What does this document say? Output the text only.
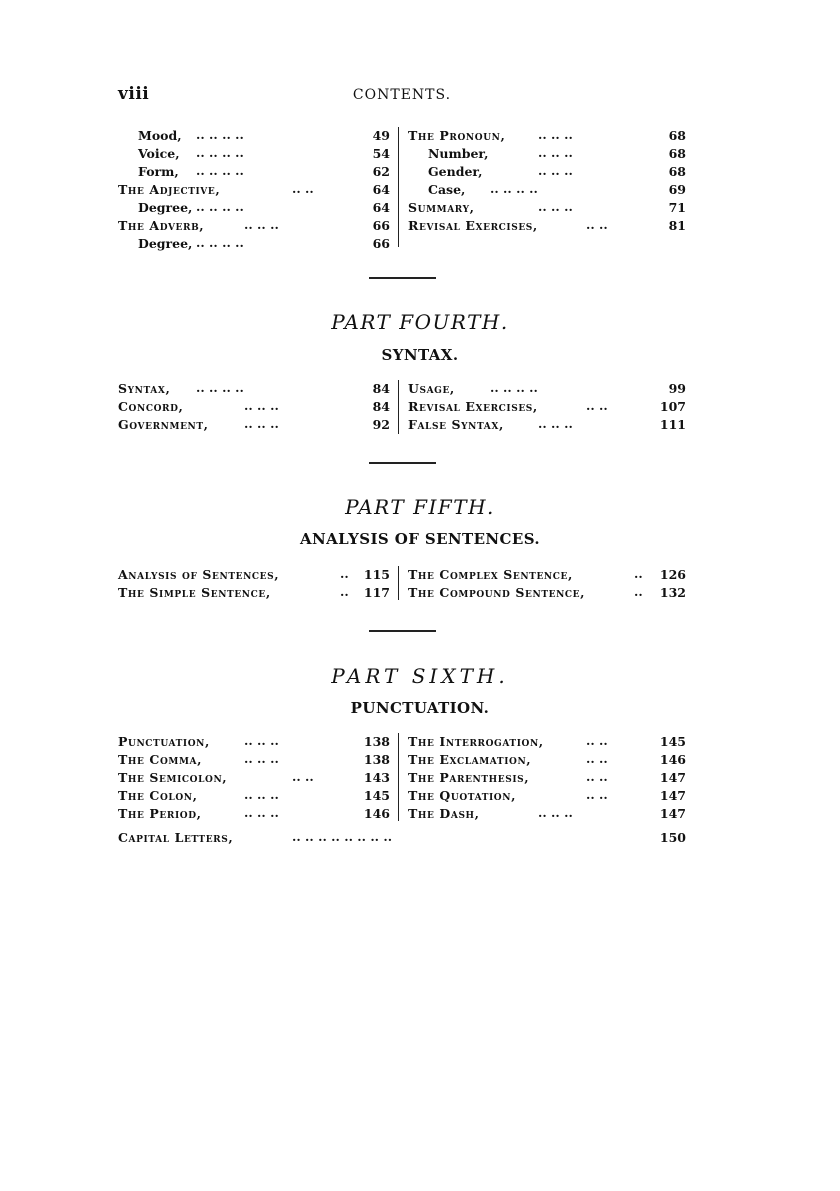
viii	CONTENTS.
Mood, .. .. .. ..	49
Voice, .. .. .. ..	54
Form, .. .. .. ..	62
The Adjective,	.. ..	64
Degree, .. .. .. ..	64
The Adverb,	.. .. ..	66
Degree, .. .. .. ..	66
The Pronoun,	.. .. ..	68
Number,	.. .. ..	68
Gender,	.. .. ..	68
Case, .. .. .. ..	69
Summary,	.. .. ..	71
Revisal Exercises,	.. ..	81
PART FOURTH.
SYNTAX.
Syntax, .. .. .. ..	84
Concord,	.. .. ..	84
Government,	.. .. ..	92
Usage,	.. .. .. ..	99
Revisal Exercises,	.. ..	107
False Syntax,	.. .. ..	111
PART FIFTH.
ANALYSIS OF SENTENCES.
Analysis of Sentences,	.. 115
The Simple Sentence,	.. 117
The Complex Sentence,	.. 126
The Compound Sentence,	.. 132
PART SIXTH.
PUNCTUATION.
Punctuation,	.. .. ..	138
The Comma,	.. .. ..	138
The Semicolon,	.. ..	143
The Colon,	.. .. ..	145
The Period,	.. .. ..	146
The Interrogation,	.. ..	145
The Exclamation,	.. ..	146
The Parenthesis,	.. ..	147
The Quotation,	.. ..	147
The Dash,	.. .. ..	147
Capital Letters,	.. .. .. .. .. .. .. ..	150
